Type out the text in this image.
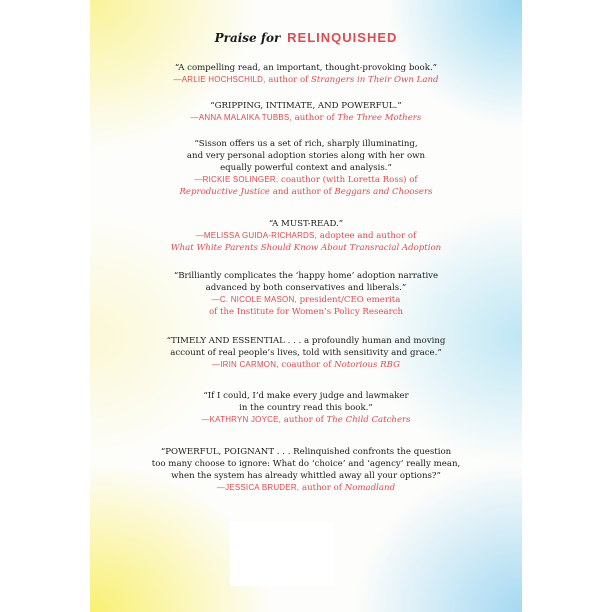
Praise for RELINQUISHED
“A compelling read, an important, thought-provoking book.”
—ARLIE HOCHSCHILD, author of Strangers in Their Own Land
“GRIPPING, INTIMATE, AND POWERFUL.”
—ANNA MALAIKA TUBBS, author of The Three Mothers
“Sisson offers us a set of rich, sharply illuminating,
and very personal adoption stories along with her own
equally powerful context and analysis.”
—RICKIE SOLINGER, coauthor (with Loretta Ross) of
Reproductive Justice and author of Beggars and Choosers
“A MUST-READ.”
—MELISSA GUIDA-RICHARDS, adoptee and author of
What White Parents Should Know About Transracial Adoption
“Brilliantly complicates the ‘happy home’ adoption narrative
advanced by both conservatives and liberals.”
—C. NICOLE MASON, president/CEO emerita
of the Institute for Women’s Policy Research
“TIMELY AND ESSENTIAL . . . a profoundly human and moving
account of real people’s lives, told with sensitivity and grace.”
—IRIN CARMON, coauthor of Notorious RBG
“If I could, I’d make every judge and lawmaker
in the country read this book.”
—KATHRYN JOYCE, author of The Child Catchers
“POWERFUL, POIGNANT . . . Relinquished confronts the question
too many choose to ignore: What do ‘choice’ and ‘agency’ really mean,
when the system has already whittled away all your options?”
—JESSICA BRUDER, author of Nomadland
